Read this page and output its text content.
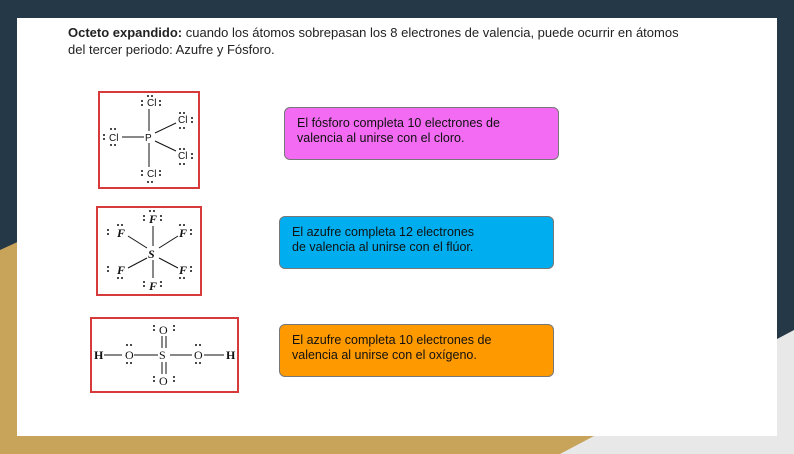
Octeto expandido: cuando los átomos sobrepasan los 8 electrones de valencia, puede ocurrir en átomos del tercer periodo: Azufre y Fósforo.

P
Cl
Cl
Cl
Cl
Cl
S
F
F
F	F
F	F
S
H	H
O	O
O
O
El fósforo completa 10 electrones de
valencia al unirse con el cloro.
El azufre completa 12 electrones
de valencia al unirse con el flúor.
El azufre completa 10 electrones de
valencia al unirse con el oxígeno.
